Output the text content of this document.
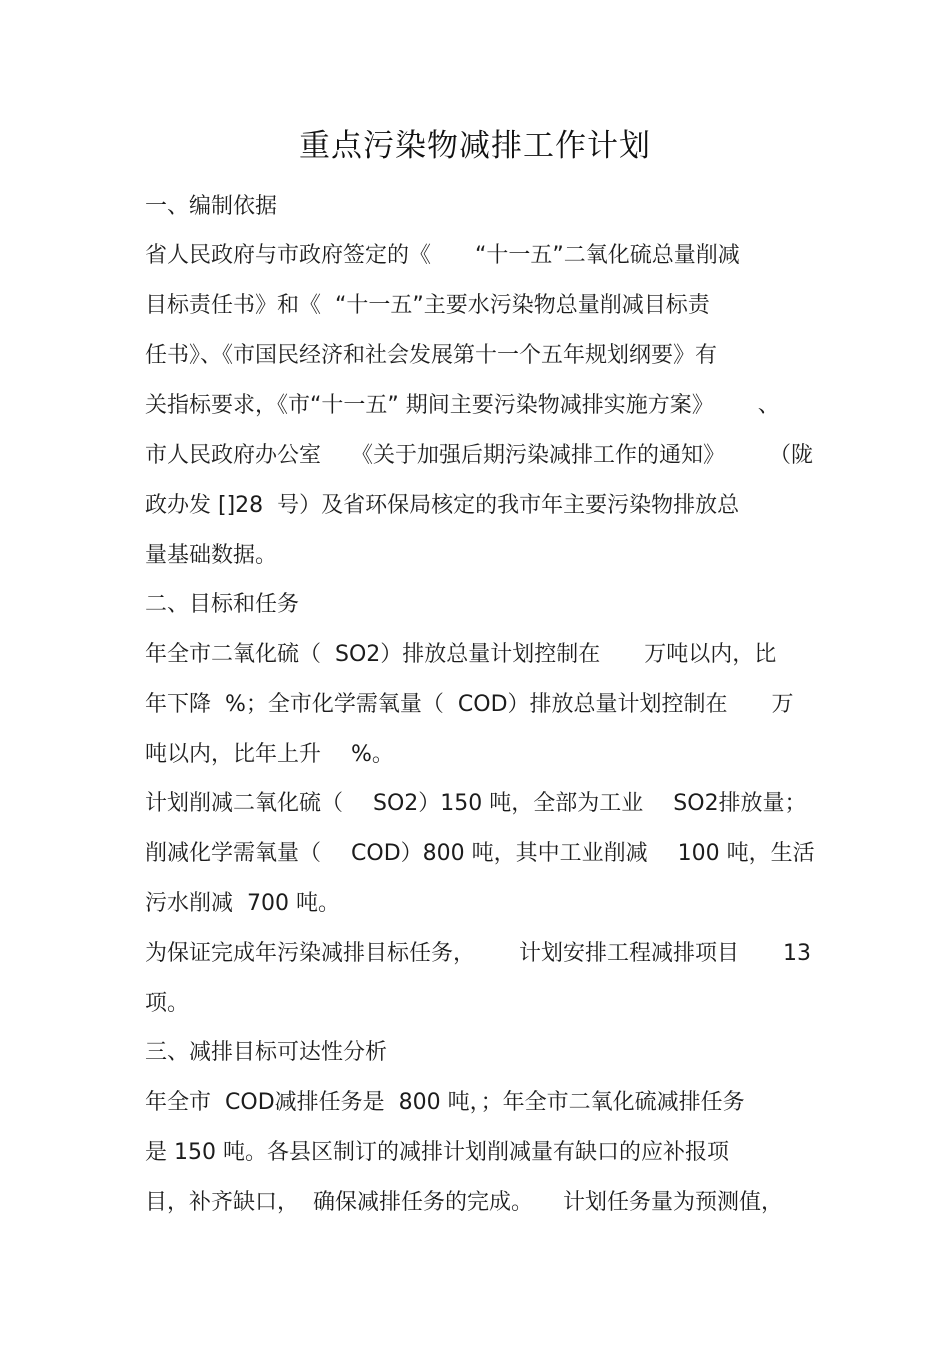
重点污染物减排工作计划
一、编制依据
省人民政府与市政府签定的《 “十一五”二氧化硫总量削减
目标责任书》和《 “十一五”主要水污染物总量削减目标责
任书》、《市国民经济和社会发展第十一个五年规划纲要》有
关指标要求，《市“十一五” 期间主要污染物减排实施方案》 、
市人民政府办公室 《关于加强后期污染减排工作的通知》 （陇
政办发 []28 号）及省环保局核定的我市年主要污染物排放总
量基础数据。
二、目标和任务
年全市二氧化硫（ SO2）排放总量计划控制在 万吨以内，比
年下降 %；全市化学需氧量（ COD）排放总量计划控制在 万
吨以内，比年上升 %。
计划削减二氧化硫（ SO2）150 吨，全部为工业 SO2排放量；
削减化学需氧量（ COD）800 吨，其中工业削减 100 吨，生活
污水削减 700 吨。
为保证完成年污染减排目标任务， 计划安排工程减排项目 13
项。
三、减排目标可达性分析
年全市 COD减排任务是 800 吨，；年全市二氧化硫减排任务
是 150 吨。各县区制订的减排计划削减量有缺口的应补报项
目，补齐缺口， 确保减排任务的完成。 计划任务量为预测值，
